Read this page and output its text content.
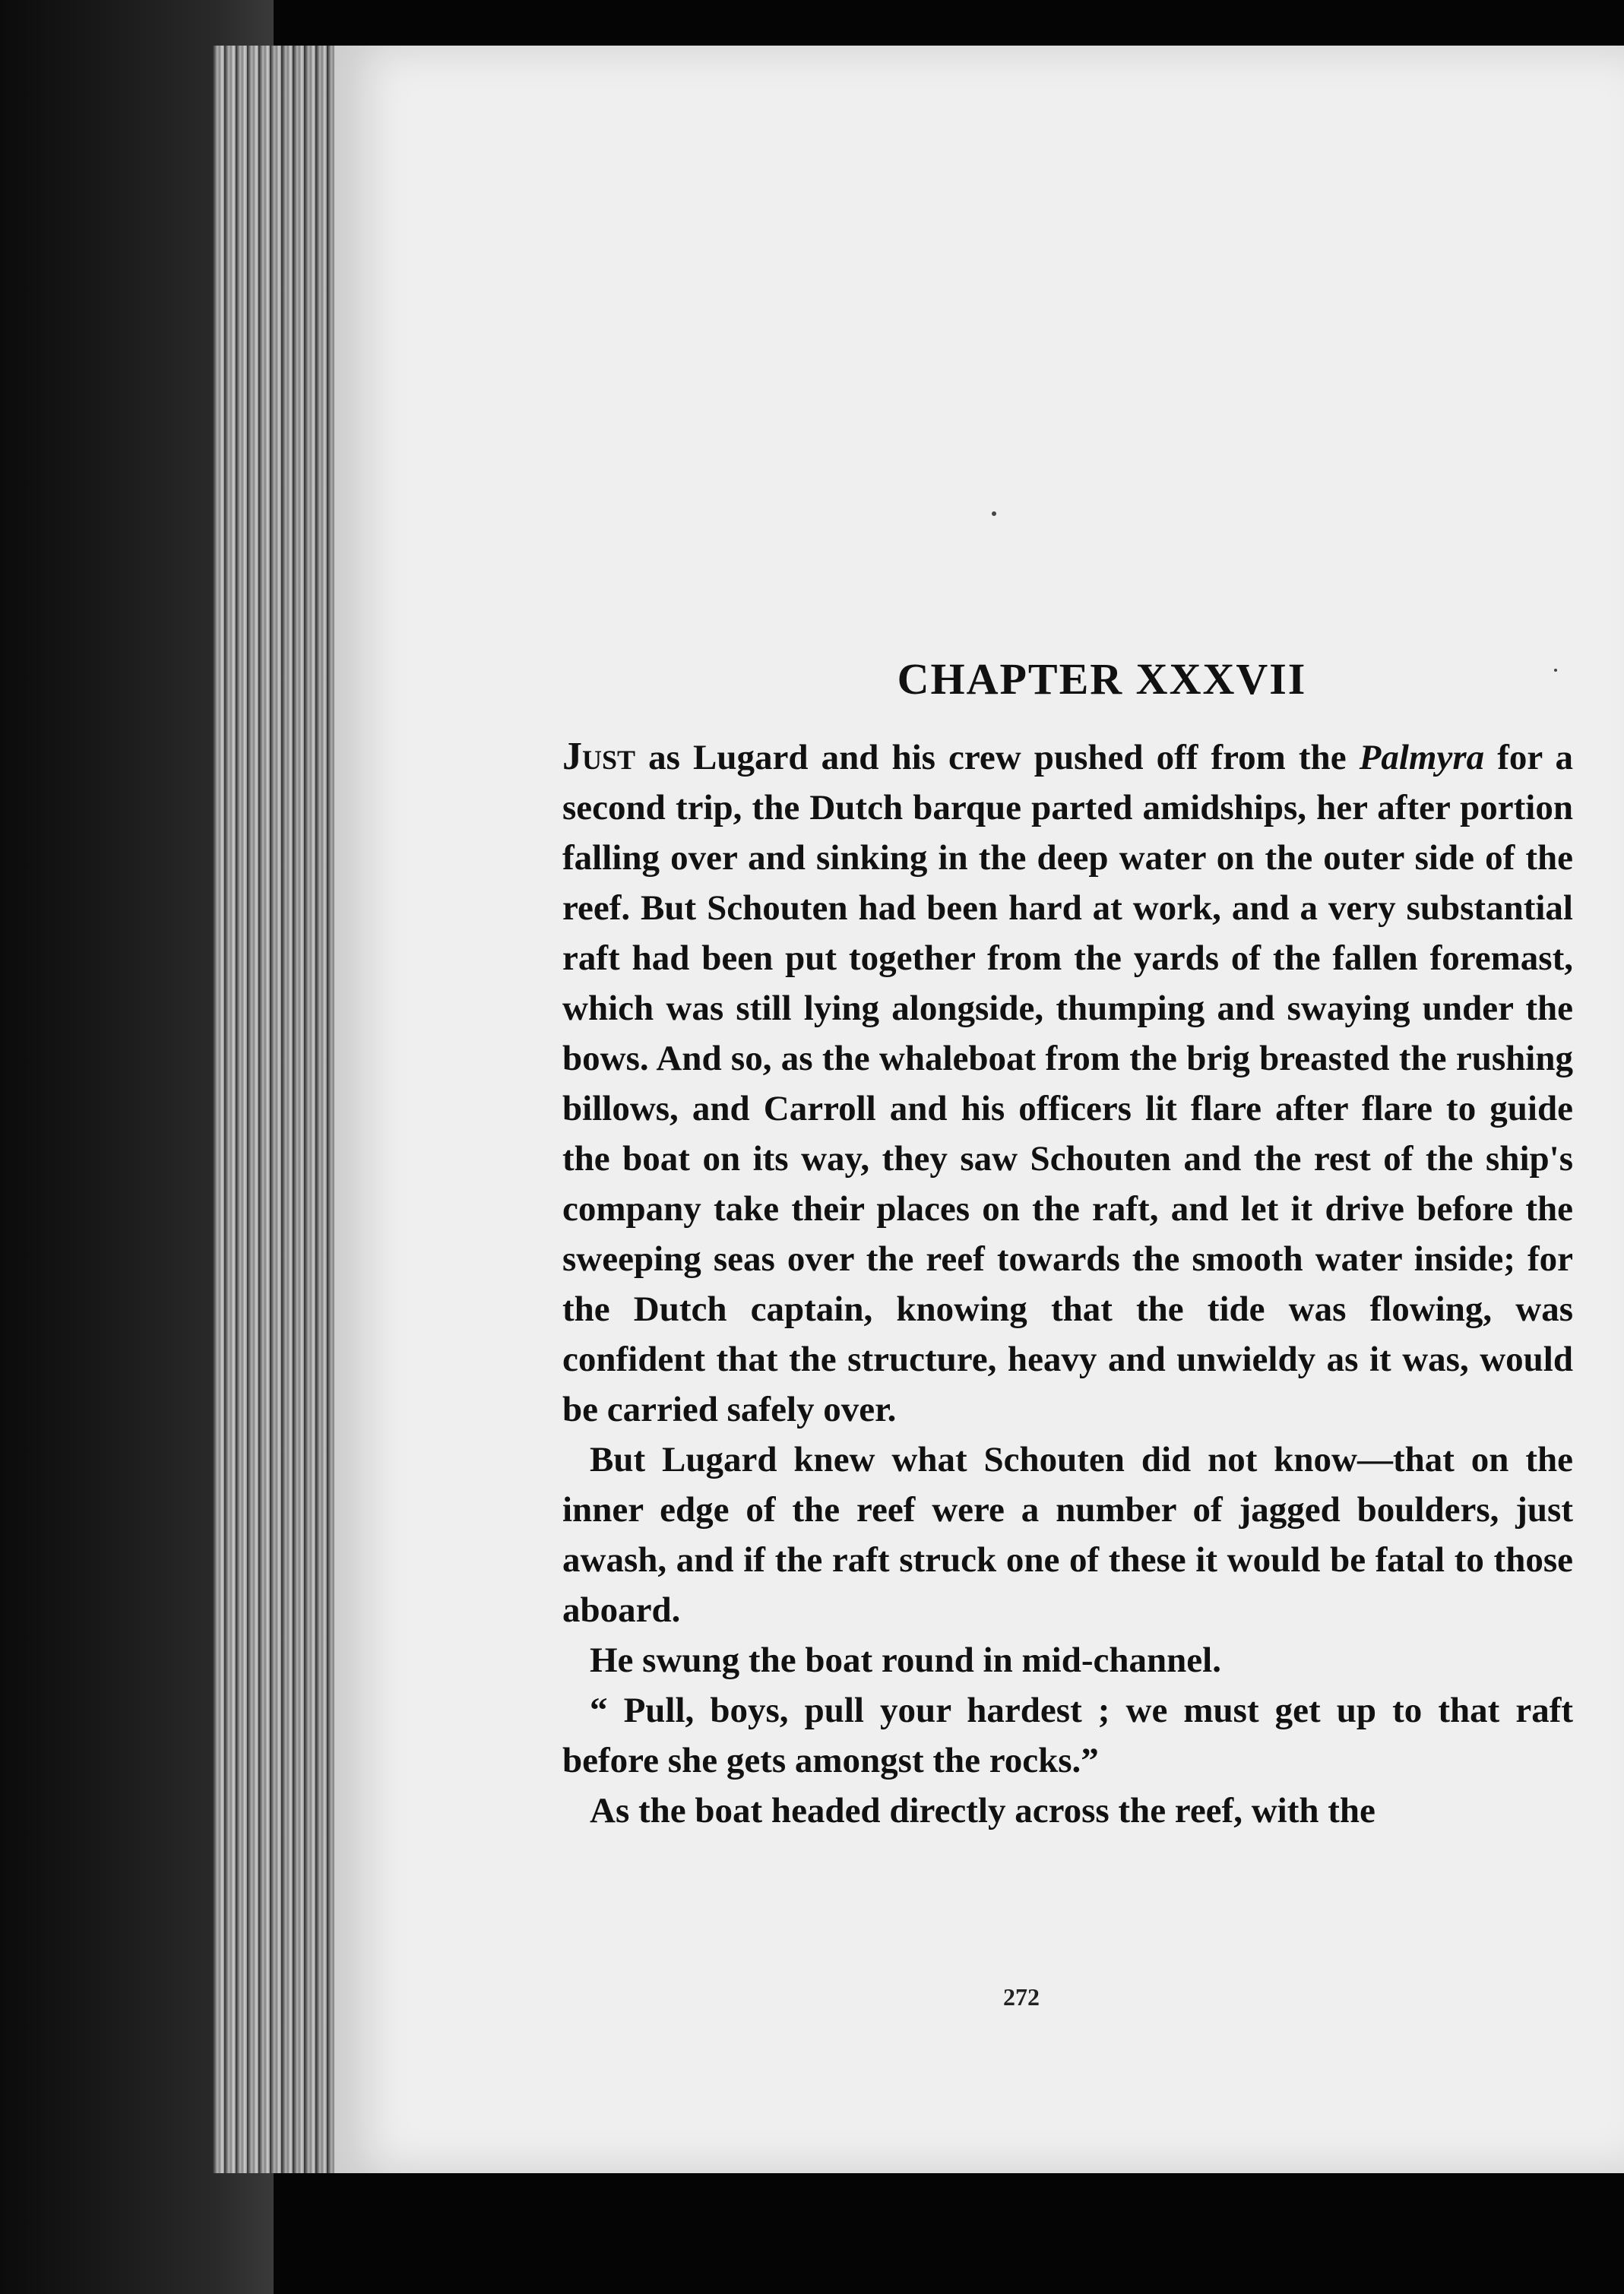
CHAPTER XXXVII

Just as Lugard and his crew pushed off from the Palmyra for a second trip, the Dutch barque parted amidships, her after portion falling over and sinking in the deep water on the outer side of the reef. But Schouten had been hard at work, and a very substantial raft had been put together from the yards of the fallen foremast, which was still lying alongside, thumping and swaying under the bows. And so, as the whaleboat from the brig breasted the rushing billows, and Carroll and his officers lit flare after flare to guide the boat on its way, they saw Schouten and the rest of the ship's company take their places on the raft, and let it drive before the sweeping seas over the reef towards the smooth water inside; for the Dutch captain, knowing that the tide was flowing, was confident that the structure, heavy and unwieldy as it was, would be carried safely over.

But Lugard knew what Schouten did not know—that on the inner edge of the reef were a number of jagged boulders, just awash, and if the raft struck one of these it would be fatal to those aboard.

He swung the boat round in mid-channel.

“ Pull, boys, pull your hardest ; we must get up to that raft before she gets amongst the rocks.”

As the boat headed directly across the reef, with the

272
